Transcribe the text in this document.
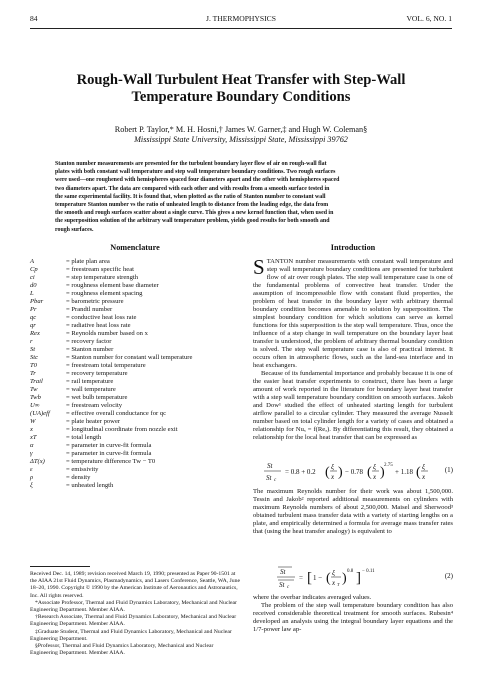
84	J. THERMOPHYSICS	VOL. 6, NO. 1
Rough-Wall Turbulent Heat Transfer with Step-Wall
Temperature Boundary Conditions
Robert P. Taylor,* M. H. Hosni,† James W. Garner,‡ and Hugh W. Coleman§
Mississippi State University, Mississippi State, Mississippi 39762
Stanton number measurements are presented for the turbulent boundary layer flow of air on rough-wall flat
plates with both constant wall temperature and step wall temperature boundary conditions. Two rough surfaces
were used—one roughened with hemispheres spaced four diameters apart and the other with hemispheres spaced
two diameters apart. The data are compared with each other and with results from a smooth surface tested in
the same experimental facility. It is found that, when plotted as the ratio of Stanton number to constant wall
temperature Stanton number vs the ratio of unheated length to distance from the leading edge, the data from
the smooth and rough surfaces scatter about a single curve. This gives a new kernel function that, when used in
the superposition solution of the arbitrary wall temperature problem, yields good results for both smooth and
rough surfaces.
Nomenclature
A	= plate plan area
Cp	= freestream specific heat
ci	= step temperature strength
d0	= roughness element base diameter
L	= roughness element spacing
Pbar	= barometric pressure
Pr	= Prandtl number
qc	= conductive heat loss rate
qr	= radiative heat loss rate
Rex	= Reynolds number based on x
r	= recovery factor
St	= Stanton number
Stc	= Stanton number for constant wall temperature
T0	= freestream total temperature
Tr	= recovery temperature
Trail	= rail temperature
Tw	= wall temperature
Twb	= wet bulb temperature
U∞	= freestream velocity
(UA)eff	= effective overall conductance for qc
W	= plate heater power
x	= longitudinal coordinate from nozzle exit
xT	= total length
α	= parameter in curve-fit formula
γ	= parameter in curve-fit formula
ΔT(x)	= temperature difference Tw − T0
ε	= emissivity
ρ	= density
ξ	= unheated length
Introduction

STANTON number measurements with constant wall temperature and step wall temperature boundary conditions are presented for turbulent flow of air over rough plates. The step wall temperature case is one of the fundamental problems of convective heat transfer. Under the assumption of incompressible flow with constant fluid properties, the problem of heat transfer in the boundary layer with arbitrary thermal boundary condition becomes amenable to solution by superposition. The simplest boundary condition for which solutions can serve as kernel functions for this superposition is the step wall temperature. Thus, once the influence of a step change in wall temperature on the boundary layer heat transfer is understood, the problem of arbitrary thermal boundary condition is solved. The step wall temperature case is also of practical interest. It occurs often in atmospheric flows, such as the land-sea interface and in heat exchangers.

Because of its fundamental importance and probably because it is one of the easier heat transfer experiments to construct, there has been a large amount of work reported in the literature for boundary layer heat transfer with a step wall temperature boundary condition on smooth surfaces. Jakob and Dow¹ studied the effect of unheated starting length for turbulent airflow parallel to a circular cylinder. They measured the average Nusselt number based on total cylinder length for a variety of cases and obtained a relationship for Nuₓ = f(Reₓ). By differentiating this result, they obtained a relationship for the local heat transfer that can be expressed as

St
St c
= 0.8 + 0.2 ( ξ
x ) − 0.78 ( ξ
x ) 2.75
+ 1.18 ( ξ
x
(1)

The maximum Reynolds number for their work was about 1,500,000. Tessin and Jakob² reported additional measurements on cylinders with maximum Reynolds numbers of about 2,500,000. Maisel and Sherwood³ obtained turbulent mass transfer data with a variety of starting lengths on a plate, and empirically determined a formula for average mass transfer rates that (using the heat transfer analogy) is equivalent to

St
St c
= [ 1 − ( ξ
x T ) 0.8 ] − 0.11
(2)

where the overbar indicates averaged values.

The problem of the step wall temperature boundary condition has also received considerable theoretical treatment for smooth surfaces. Rubesin⁴ developed an analysis using the integral boundary layer equations and the 1/7-power law ap-

Received Dec. 14, 1989; revision received March 19, 1990; presented as Paper 90-1501 at the AIAA 21st Fluid Dynamics, Plasmadynamics, and Lasers Conference, Seattle, WA, June 18–20, 1990. Copyright © 1990 by the American Institute of Aeronautics and Astronautics, Inc. All rights reserved.

*Associate Professor, Thermal and Fluid Dynamics Laboratory, Mechanical and Nuclear Engineering Department. Member AIAA.

†Research Associate, Thermal and Fluid Dynamics Laboratory, Mechanical and Nuclear Engineering Department. Member AIAA.

‡Graduate Student, Thermal and Fluid Dynamics Laboratory, Mechanical and Nuclear Engineering Department.

§Professor, Thermal and Fluid Dynamics Laboratory, Mechanical and Nuclear Engineering Department. Member AIAA.
